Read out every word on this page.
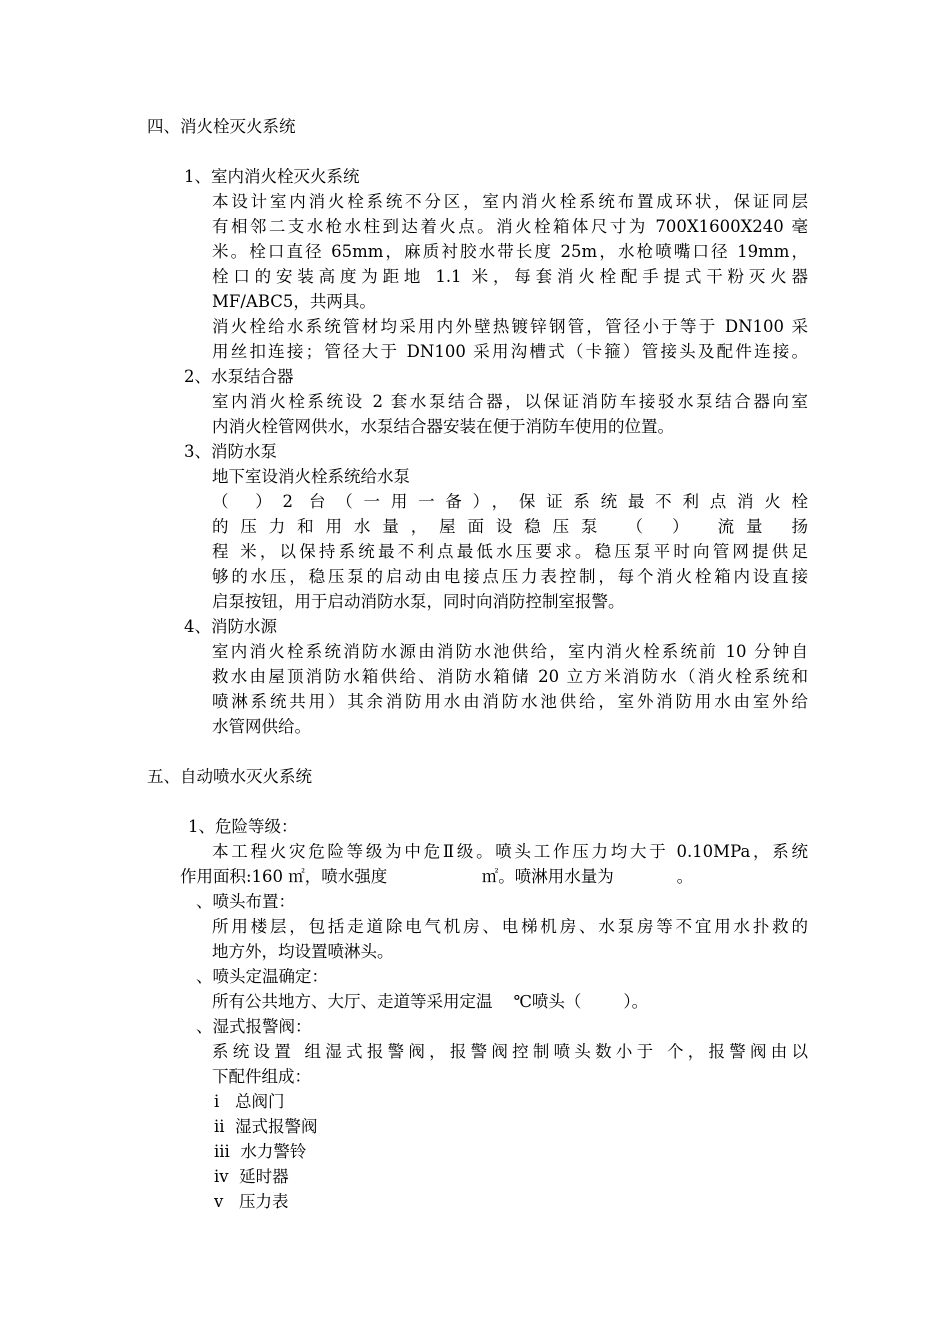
四、消火栓灭火系统
1、室内消火栓灭火系统
本设计室内消火栓系统不分区，室内消火栓系统布置成环状，保证同层
有相邻二支水枪水柱到达着火点。消火栓箱体尺寸为 700X1600X240 毫
米。栓口直径 65mm，麻质衬胶水带长度 25m，水枪喷嘴口径 19mm，
栓口的安装高度为距地 1.1 米，每套消火栓配手提式干粉灭火器
MF/ABC5，共两具。
消火栓给水系统管材均采用内外壁热镀锌钢管，管径小于等于 DN100 采
用丝扣连接；管径大于 DN100 采用沟槽式（卡箍）管接头及配件连接。
2、水泵结合器
室内消火栓系统设 2 套水泵结合器，以保证消防车接驳水泵结合器向室
内消火栓管网供水，水泵结合器安装在便于消防车使用的位置。
3、消防水泵
地下室设消火栓系统给水泵
（ ）2 台（一用一备），保证系统最不利点消火栓
的压力和用水量，屋面设稳压泵 （ ） 流量 扬
程 米，以保持系统最不利点最低水压要求。稳压泵平时向管网提供足
够的水压，稳压泵的启动由电接点压力表控制，每个消火栓箱内设直接
启泵按钮，用于启动消防水泵，同时向消防控制室报警。
4、消防水源
室内消火栓系统消防水源由消防水池供给，室内消火栓系统前 10 分钟自
救水由屋顶消防水箱供给、消防水箱储 20 立方米消防水（消火栓系统和
喷淋系统共用）其余消防用水由消防水池供给，室外消防用水由室外给
水管网供给。
五、自动喷水灭火系统
1、危险等级：
本工程火灾危险等级为中危Ⅱ级。喷头工作压力均大于 0.10MPa，系统
作用面积:160 ㎡，喷水强度                  ㎡。喷淋用水量为            。
、喷头布置：
所用楼层，包括走道除电气机房、电梯机房、水泵房等不宜用水扑救的
地方外，均设置喷淋头。
、喷头定温确定：
所有公共地方、大厅、走道等采用定温    ℃喷头（        ）。
、湿式报警阀：
系统设置 组湿式报警阀，报警阀控制喷头数小于 个，报警阀由以
下配件组成：
i   总阀门
ii  湿式报警阀
iii  水力警铃
iv  延时器
v   压力表
